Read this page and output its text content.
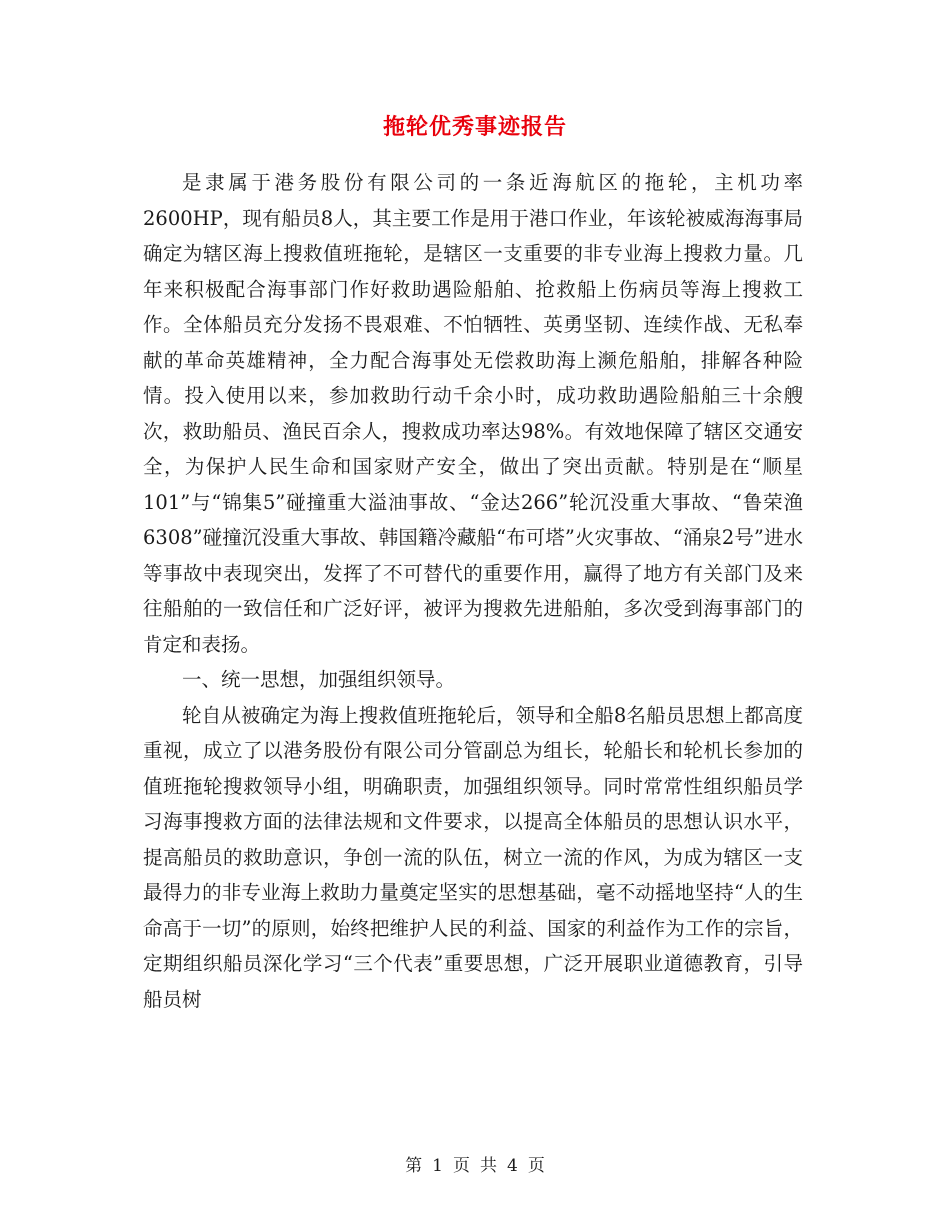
拖轮优秀事迹报告

是隶属于港务股份有限公司的一条近海航区的拖轮，主机功率2600HP，现有船员8人，其主要工作是用于港口作业，年该轮被威海海事局确定为辖区海上搜救值班拖轮，是辖区一支重要的非专业海上搜救力量。几年来积极配合海事部门作好救助遇险船舶、抢救船上伤病员等海上搜救工作。全体船员充分发扬不畏艰难、不怕牺牲、英勇坚韧、连续作战、无私奉献的革命英雄精神，全力配合海事处无偿救助海上濒危船舶，排解各种险情。投入使用以来，参加救助行动千余小时，成功救助遇险船舶三十余艘次，救助船员、渔民百余人，搜救成功率达98%。有效地保障了辖区交通安全，为保护人民生命和国家财产安全，做出了突出贡献。特别是在“顺星101”与“锦集5”碰撞重大溢油事故、“金达266”轮沉没重大事故、“鲁荣渔6308”碰撞沉没重大事故、韩国籍冷藏船“布可塔”火灾事故、“涌泉2号”进水等事故中表现突出，发挥了不可替代的重要作用，赢得了地方有关部门及来往船舶的一致信任和广泛好评，被评为搜救先进船舶，多次受到海事部门的肯定和表扬。

一、统一思想，加强组织领导。

轮自从被确定为海上搜救值班拖轮后，领导和全船8名船员思想上都高度重视，成立了以港务股份有限公司分管副总为组长，轮船长和轮机长参加的值班拖轮搜救领导小组，明确职责，加强组织领导。同时常常性组织船员学习海事搜救方面的法律法规和文件要求，以提高全体船员的思想认识水平，提高船员的救助意识，争创一流的队伍，树立一流的作风，为成为辖区一支最得力的非专业海上救助力量奠定坚实的思想基础，毫不动摇地坚持“人的生命高于一切”的原则，始终把维护人民的利益、国家的利益作为工作的宗旨，定期组织船员深化学习“三个代表”重要思想，广泛开展职业道德教育，引导船员树

第 1 页 共 4 页
